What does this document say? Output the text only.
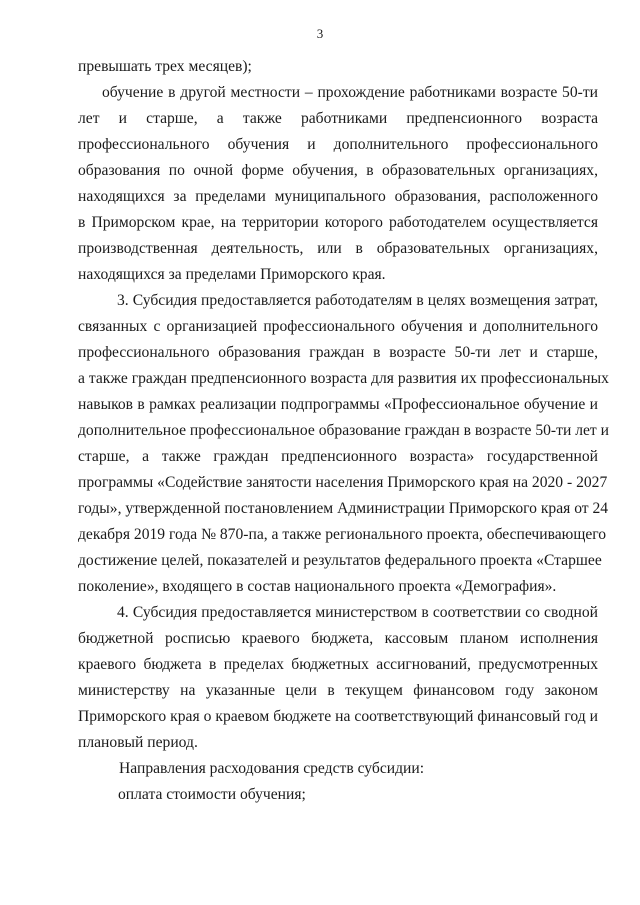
3
превышать трех месяцев);
обучение в другой местности – прохождение работниками возрасте 50-ти
лет и старше, а также работниками предпенсионного возраста
профессионального обучения и дополнительного профессионального
образования по очной форме обучения, в образовательных организациях,
находящихся за пределами муниципального образования, расположенного
в Приморском крае, на территории которого работодателем осуществляется
производственная деятельность, или в образовательных организациях,
находящихся за пределами Приморского края.
3. Субсидия предоставляется работодателям в целях возмещения затрат,
связанных с организацией профессионального обучения и дополнительного
профессионального образования граждан в возрасте 50-ти лет и старше,
а также граждан предпенсионного возраста для развития их профессиональных
навыков в рамках реализации подпрограммы «Профессиональное обучение и
дополнительное профессиональное образование граждан в возрасте 50-ти лет и
старше, а также граждан предпенсионного возраста» государственной
программы «Содействие занятости населения Приморского края на 2020 - 2027
годы», утвержденной постановлением Администрации Приморского края от 24
декабря 2019 года № 870-па, а также регионального проекта, обеспечивающего
достижение целей, показателей и результатов федерального проекта «Старшее
поколение», входящего в состав национального проекта «Демография».
4. Субсидия предоставляется министерством в соответствии со сводной
бюджетной росписью краевого бюджета, кассовым планом исполнения
краевого бюджета в пределах бюджетных ассигнований, предусмотренных
министерству на указанные цели в текущем финансовом году законом
Приморского края о краевом бюджете на соответствующий финансовый год и
плановый период.
Направления расходования средств субсидии:
оплата стоимости обучения;
